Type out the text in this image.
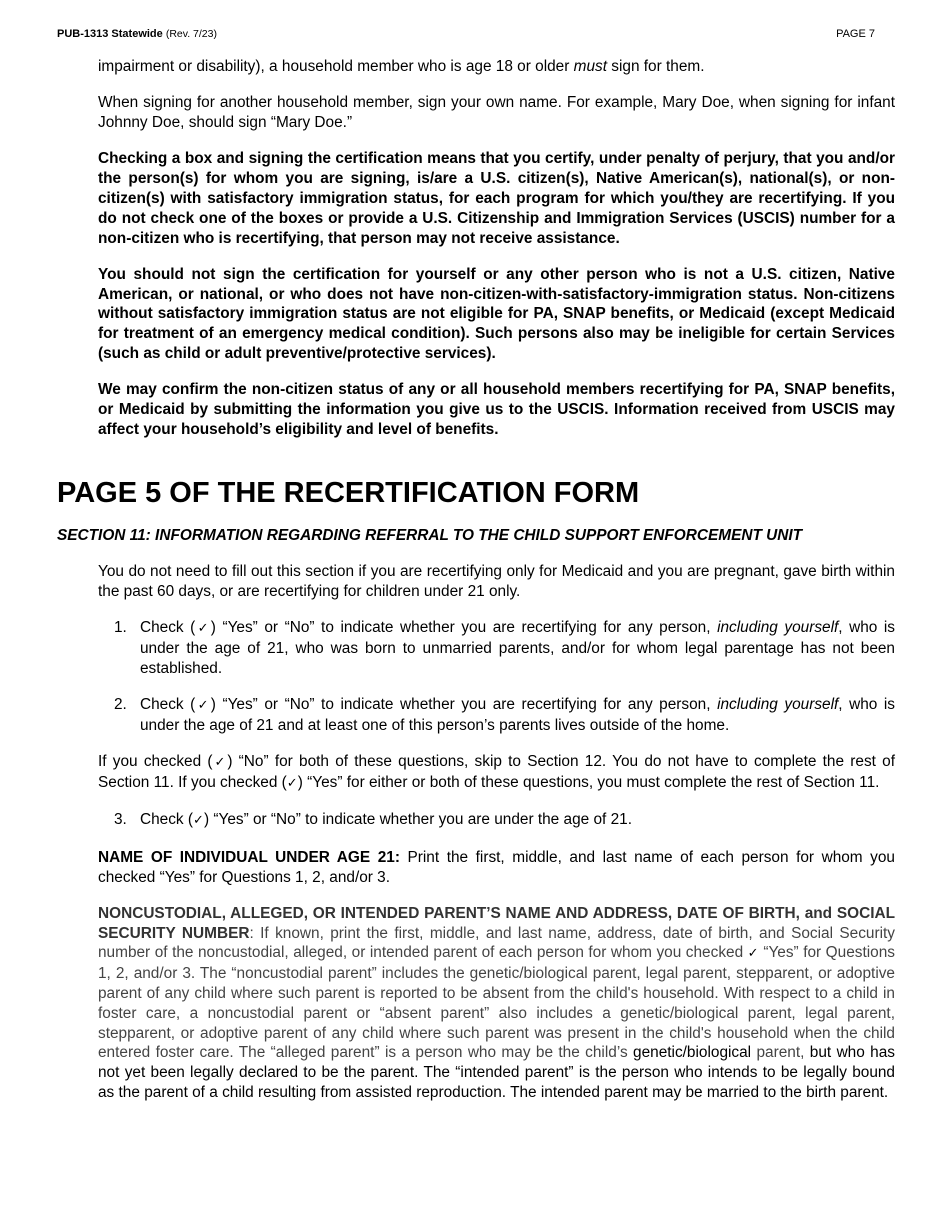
PUB-1313 Statewide (Rev. 7/23)	PAGE 7

impairment or disability), a household member who is age 18 or older must sign for them.

When signing for another household member, sign your own name. For example, Mary Doe, when signing for infant Johnny Doe, should sign “Mary Doe.”

Checking a box and signing the certification means that you certify, under penalty of perjury, that you and/or the person(s) for whom you are signing, is/are a U.S. citizen(s), Native American(s), national(s), or non-citizen(s) with satisfactory immigration status, for each program for which you/they are recertifying. If you do not check one of the boxes or provide a U.S. Citizenship and Immigration Services (USCIS) number for a non-citizen who is recertifying, that person may not receive assistance.

You should not sign the certification for yourself or any other person who is not a U.S. citizen, Native American, or national, or who does not have non-citizen-with-satisfactory-immigration status. Non-citizens without satisfactory immigration status are not eligible for PA, SNAP benefits, or Medicaid (except Medicaid for treatment of an emergency medical condition). Such persons also may be ineligible for certain Services (such as child or adult preventive/protective services).

We may confirm the non-citizen status of any or all household members recertifying for PA, SNAP benefits, or Medicaid by submitting the information you give us to the USCIS. Information received from USCIS may affect your household’s eligibility and level of benefits.

PAGE 5 OF THE RECERTIFICATION FORM
SECTION 11: INFORMATION REGARDING REFERRAL TO THE CHILD SUPPORT ENFORCEMENT UNIT

You do not need to fill out this section if you are recertifying only for Medicaid and you are pregnant, gave birth within the past 60 days, or are recertifying for children under 21 only.

1. Check (✓) “Yes” or “No” to indicate whether you are recertifying for any person, including yourself, who is under the age of 21, who was born to unmarried parents, and/or for whom legal parentage has not been established.

2. Check (✓) “Yes” or “No” to indicate whether you are recertifying for any person, including yourself, who is under the age of 21 and at least one of this person’s parents lives outside of the home.

If you checked (✓) “No” for both of these questions, skip to Section 12. You do not have to complete the rest of Section 11. If you checked (✓) “Yes” for either or both of these questions, you must complete the rest of Section 11.

3. Check (✓) “Yes” or “No” to indicate whether you are under the age of 21.

NAME OF INDIVIDUAL UNDER AGE 21: Print the first, middle, and last name of each person for whom you checked “Yes” for Questions 1, 2, and/or 3.

NONCUSTODIAL, ALLEGED, OR INTENDED PARENT’S NAME AND ADDRESS, DATE OF BIRTH, and SOCIAL SECURITY NUMBER: If known, print the first, middle, and last name, address, date of birth, and Social Security number of the noncustodial, alleged, or intended parent of each person for whom you checked ✓ “Yes” for Questions 1, 2, and/or 3. The “noncustodial parent” includes the genetic/biological parent, legal parent, stepparent, or adoptive parent of any child where such parent is reported to be absent from the child's household. With respect to a child in foster care, a noncustodial parent or “absent parent” also includes a genetic/biological parent, legal parent, stepparent, or adoptive parent of any child where such parent was present in the child's household when the child entered foster care. The “alleged parent” is a person who may be the child’s genetic/biological parent, but who has not yet been legally declared to be the parent. The “intended parent” is the person who intends to be legally bound as the parent of a child resulting from assisted reproduction. The intended parent may be married to the birth parent.
